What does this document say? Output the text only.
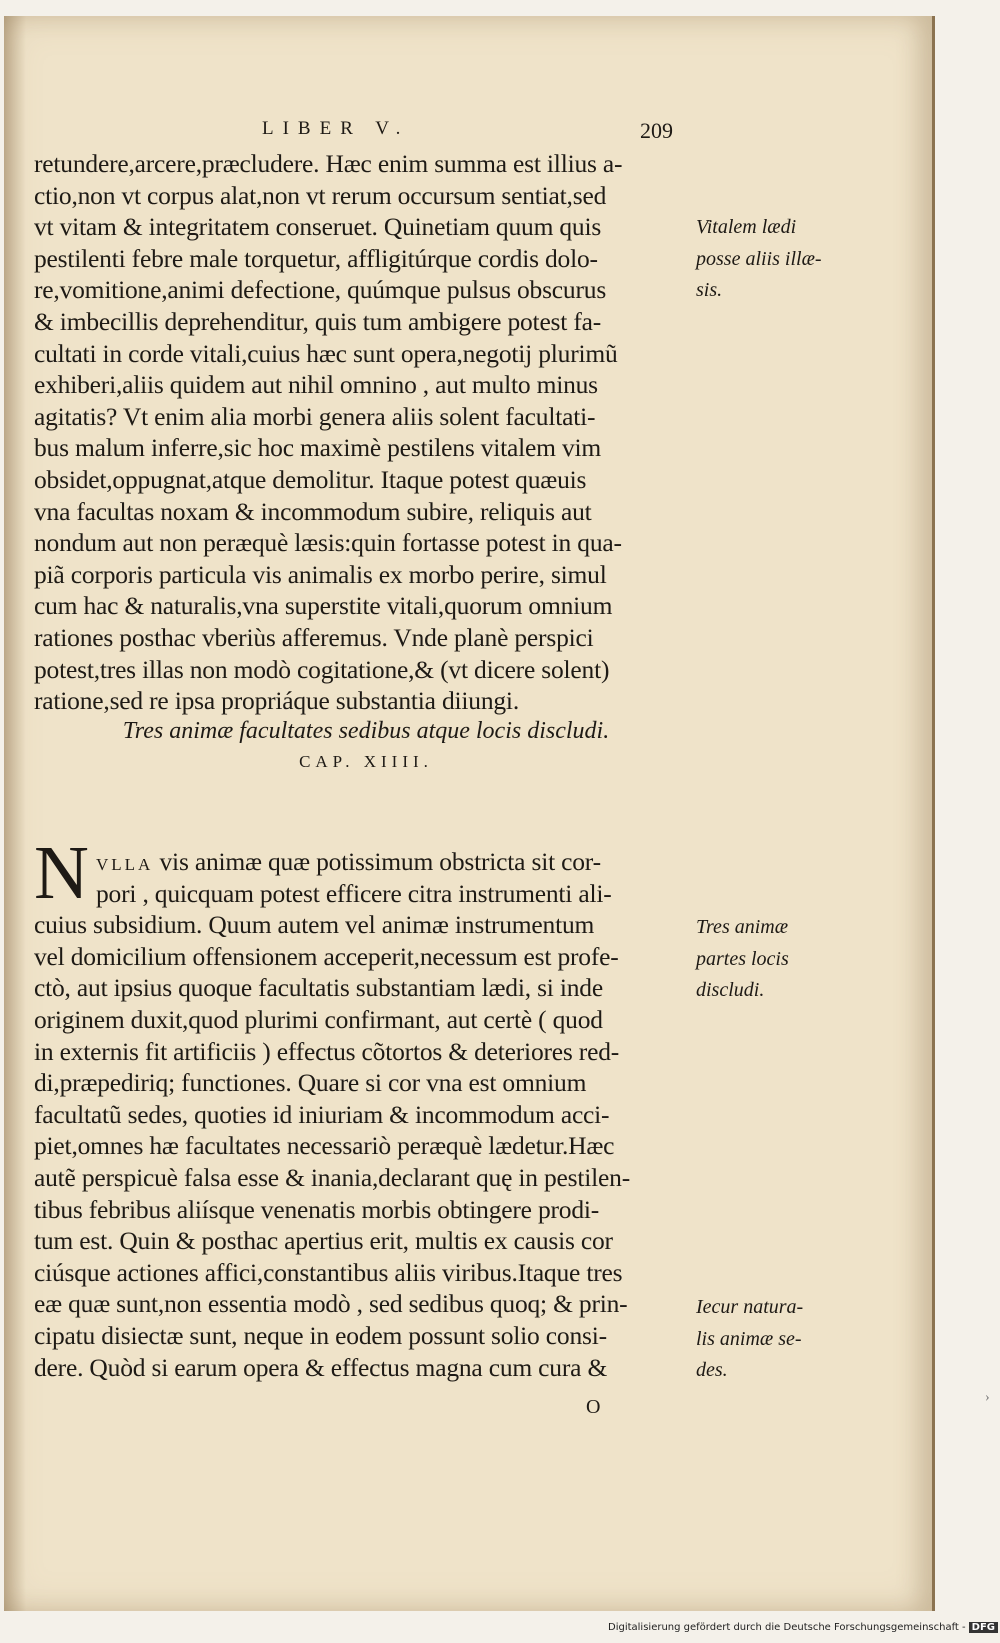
LIBER V.	209
retundere,arcere,præcludere. Hæc enim summa est illius a-
ctio,non vt corpus alat,non vt rerum occursum sentiat,sed
vt vitam & integritatem conseruet. Quinetiam quum quis
pestilenti febre male torquetur, affligitúrque cordis dolo-
re,vomitione,animi defectione, quúmque pulsus obscurus
& imbecillis deprehenditur, quis tum ambigere potest fa-
cultati in corde vitali,cuius hæc sunt opera,negotij plurimũ
exhiberi,aliis quidem aut nihil omnino , aut multo minus
agitatis? Vt enim alia morbi genera aliis solent facultati-
bus malum inferre,sic hoc maximè pestilens vitalem vim
obsidet,oppugnat,atque demolitur. Itaque potest quæuis
vna facultas noxam & incommodum subire, reliquis aut
nondum aut non peræquè læsis:quin fortasse potest in qua-
piã corporis particula vis animalis ex morbo perire, simul
cum hac & naturalis,vna superstite vitali,quorum omnium
rationes posthac vberiùs afferemus. Vnde planè perspici
potest,tres illas non modò cogitatione,& (vt dicere solent)
ratione,sed re ipsa propriáque substantia diiungi.
Tres animæ facultates sedibus atque locis discludi.
CAP. XIIII.
N VLLA vis animæ quæ potissimum obstricta sit cor-
pori , quicquam potest efficere citra instrumenti ali-
cuius subsidium. Quum autem vel animæ instrumentum
vel domicilium offensionem acceperit,necessum est profe-
ctò, aut ipsius quoque facultatis substantiam lædi, si inde
originem duxit,quod plurimi confirmant, aut certè ( quod
in externis fit artificiis ) effectus cõtortos & deteriores red-
di,præpediriq; functiones. Quare si cor vna est omnium
facultatũ sedes, quoties id iniuriam & incommodum acci-
piet,omnes hæ facultates necessariò peræquè lædetur.Hæc
autẽ perspicuè falsa esse & inania,declarant quę in pestilen-
tibus febribus aliísque venenatis morbis obtingere prodi-
tum est. Quin & posthac apertius erit, multis ex causis cor
ciúsque actiones affici,constantibus aliis viribus.Itaque tres
eæ quæ sunt,non essentia modò , sed sedibus quoq; & prin-
cipatu disiectæ sunt, neque in eodem possunt solio consi-
dere. Quòd si earum opera & effectus magna cum cura &
Vitalem lædi
posse aliis illæ-
sis.
Tres animæ
partes locis
discludi.
Iecur natura-
lis animæ se-
des.
O	›
Digitalisierung gefördert durch die Deutsche Forschungsgemeinschaft - DFG
